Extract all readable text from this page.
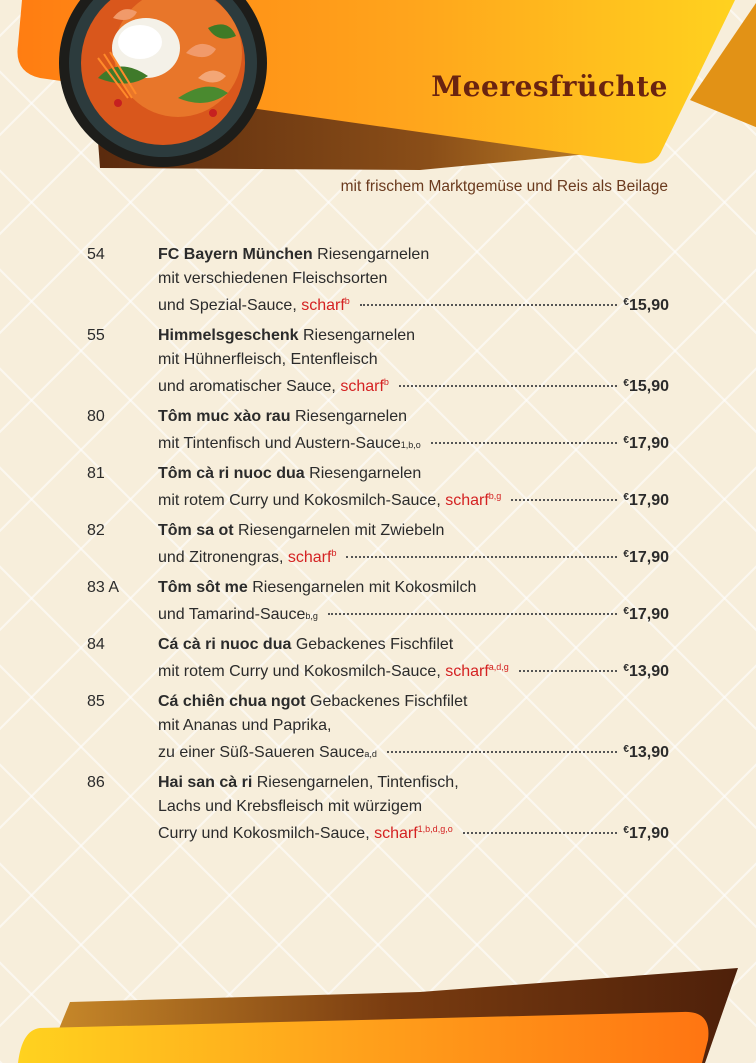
Meeresfrüchte
mit frischem Marktgemüse und Reis als Beilage
54	FC Bayern München Riesengarnelen
mit verschiedenen Fleischsorten
und Spezial-Sauce,
scharf$^b$	€15,90
55	Himmelsgeschenk Riesengarnelen
mit Hühnerfleisch, Entenfleisch
und aromatischer Sauce,
scharf$^b$	€15,90
80	Tôm muc xào rau Riesengarnelen
mit Tintenfisch und Austern-Sauce 1,b,o	€17,90
81	Tôm cà ri nuoc dua Riesengarnelen
mit rotem Curry und Kokosmilch-Sauce,
scharf$^{b,g}$	€17,90
82	Tôm sa ot Riesengarnelen mit Zwiebeln
und Zitronengras,
scharf$^b$	€17,90
83 A	Tôm sôt me Riesengarnelen mit Kokosmilch
und Tamarind-Sauce b,g	€17,90
84	Cá cà ri nuoc dua Gebackenes Fischfilet
mit rotem Curry und Kokosmilch-Sauce,
scharf$^{a,d,g}$	€13,90
85	Cá chiên chua ngot Gebackenes Fischfilet
mit Ananas und Paprika,
zu einer Süß-Saueren Sauce a,d	€13,90
86	Hai san cà ri Riesengarnelen, Tintenfisch,
Lachs und Krebsfleisch mit würzigem
Curry und Kokosmilch-Sauce,
scharf$^{1,b,d,g,o}$	€17,90
